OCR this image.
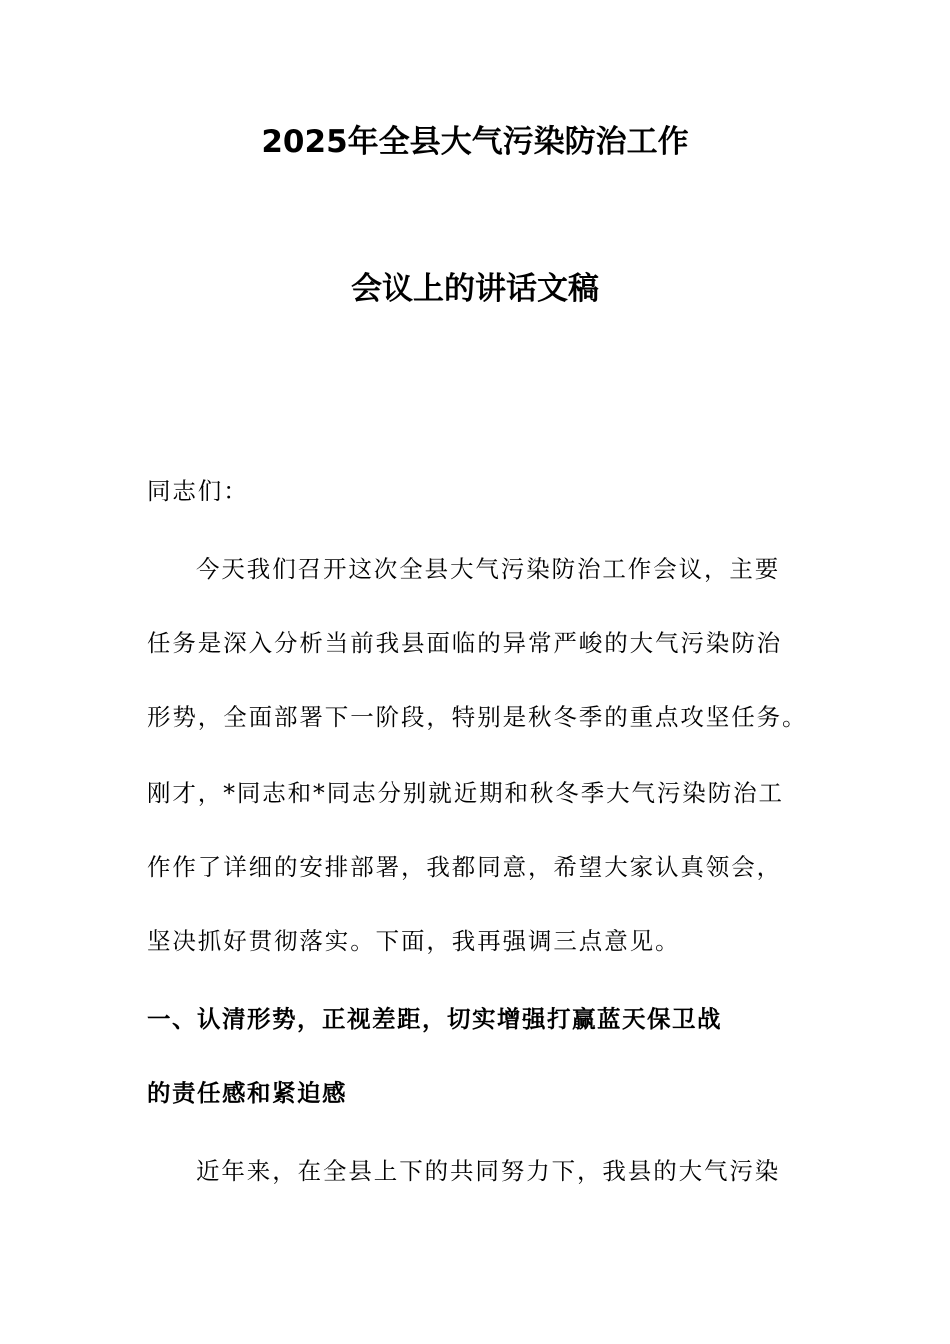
2025年全县大气污染防治工作
会议上的讲话文稿
同志们：
今天我们召开这次全县大气污染防治工作会议，主要
任务是深入分析当前我县面临的异常严峻的大气污染防治
形势，全面部署下一阶段，特别是秋冬季的重点攻坚任务。
刚才，*同志和*同志分别就近期和秋冬季大气污染防治工
作作了详细的安排部署，我都同意，希望大家认真领会，
坚决抓好贯彻落实。下面，我再强调三点意见。
一、认清形势，正视差距，切实增强打赢蓝天保卫战
的责任感和紧迫感
近年来，在全县上下的共同努力下，我县的大气污染
